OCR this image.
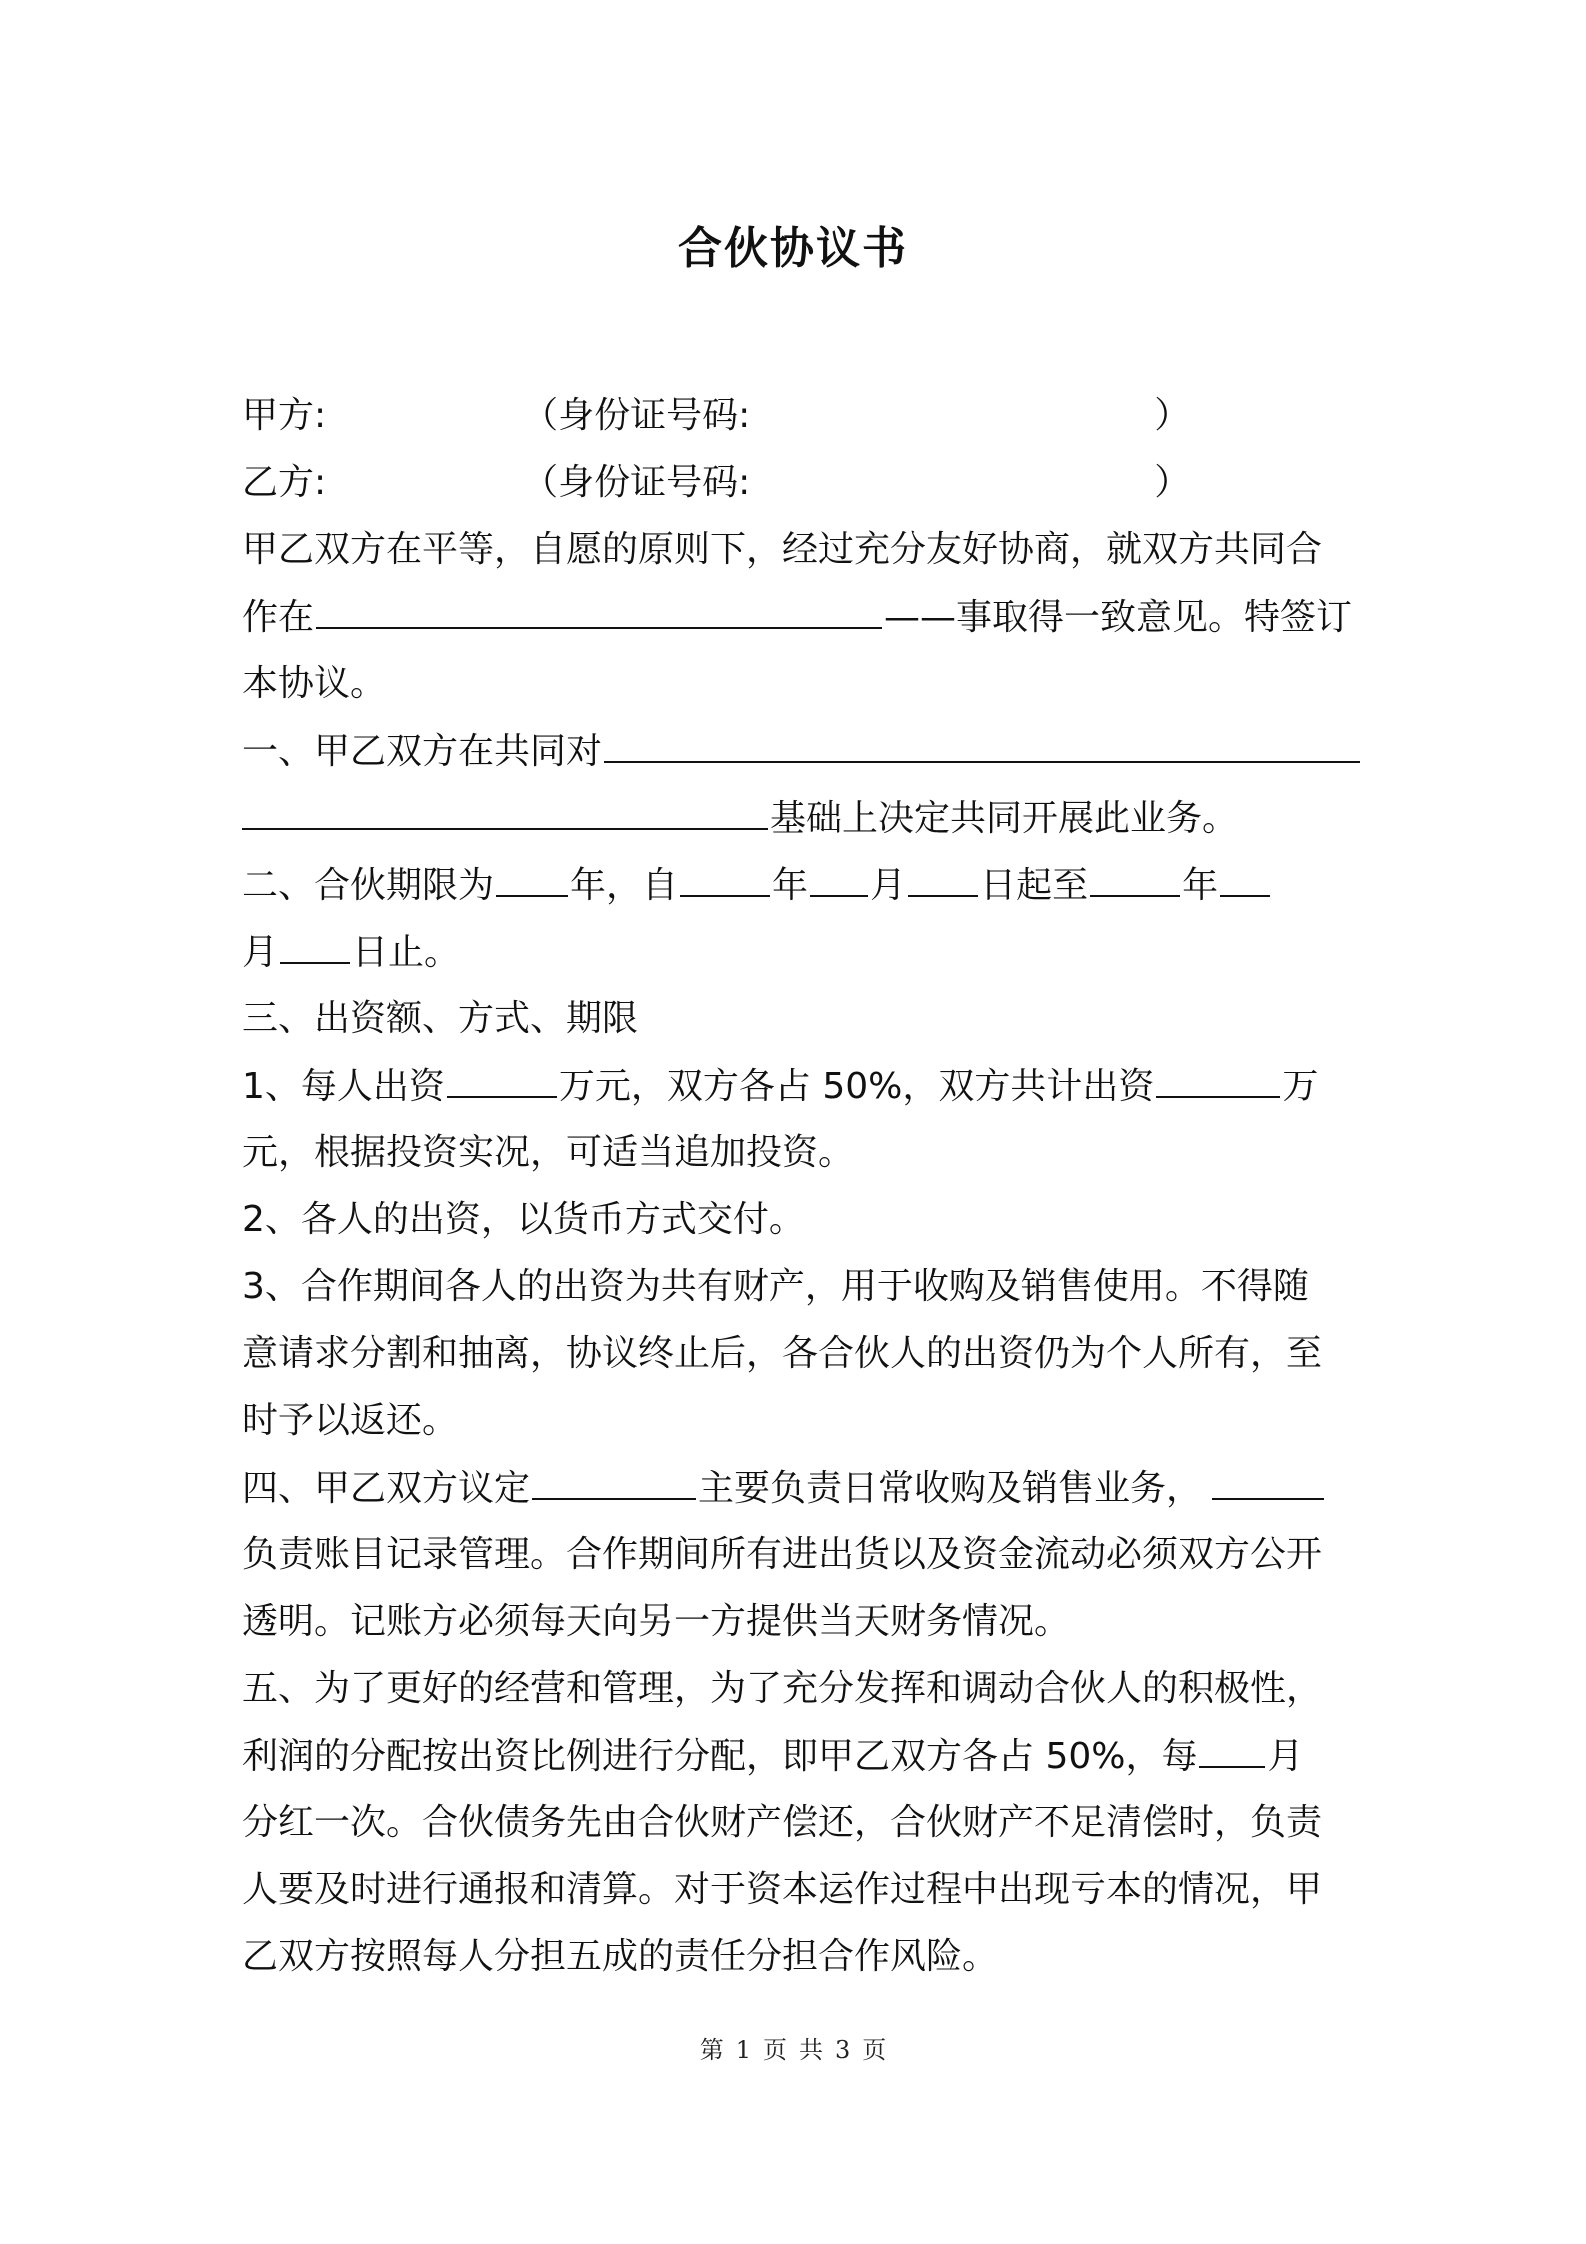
合伙协议书
甲方:	（身份证号码:	）
乙方:	（身份证号码:	）
甲乙双方在平等，自愿的原则下，经过充分友好协商，就双方共同合
作在	——事取得一致意见。特签订
本协议。
一、甲乙双方在共同对
基础上决定共同开展此业务。
二、合伙期限为 年，自	年 月 日起至	年
月 日止。
三、出资额、方式、期限
1、每人出资	万元，双方各占 50%，双方共计出资	万
元，根据投资实况，可适当追加投资。
2、各人的出资，以货币方式交付。
3、合作期间各人的出资为共有财产，用于收购及销售使用。不得随
意请求分割和抽离，协议终止后，各合伙人的出资仍为个人所有，至
时予以返还。
四、甲乙双方议定	主要负责日常收购及销售业务，
负责账目记录管理。合作期间所有进出货以及资金流动必须双方公开
透明。记账方必须每天向另一方提供当天财务情况。
五、为了更好的经营和管理，为了充分发挥和调动合伙人的积极性，
利润的分配按出资比例进行分配，即甲乙双方各占 50%，每 月
分红一次。合伙债务先由合伙财产偿还，合伙财产不足清偿时，负责
人要及时进行通报和清算。对于资本运作过程中出现亏本的情况，甲
乙双方按照每人分担五成的责任分担合作风险。
第 1 页 共 3 页
